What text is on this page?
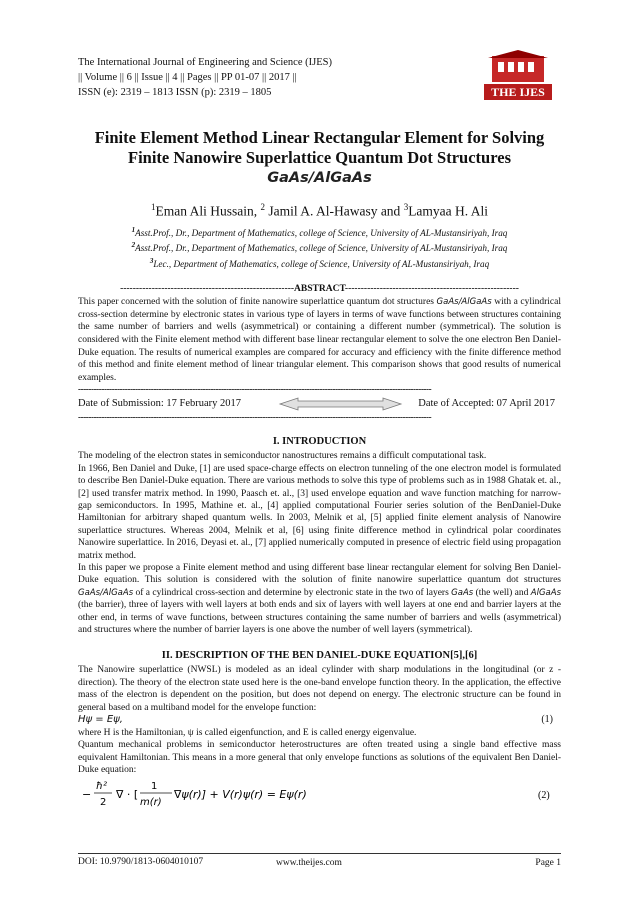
THE IJES
The International Journal of Engineering and Science (IJES)
|| Volume || 6 || Issue || 4 || Pages || PP 01-07 || 2017 ||
ISSN (e): 2319 – 1813 ISSN (p): 2319 – 1805
Finite Element Method Linear Rectangular Element for Solving
Finite Nanowire Superlattice Quantum Dot Structures
GaAs/AlGaAs
$^1$Eman Ali Hussain, $^2$ Jamil A. Al-Hawasy and $^3$Lamyaa H. Ali
$^1$Asst.Prof., Dr., Department of Mathematics, college of Science, University of AL-Mustansiriyah, Iraq
$^2$Asst.Prof., Dr., Department of Mathematics, college of Science, University of AL-Mustansiriyah, Iraq
$^3$Lec., Department of Mathematics, college of Science, University of AL-Mustansiriyah, Iraq
-------------------------------------------------------ABSTRACT-------------------------------------------------------
This paper concerned with the solution of finite nanowire superlattice quantum dot structures GaAs/AlGaAs with a cylindrical cross-section determine by electronic states in various type of layers in terms of wave functions between structures containing the same number of barriers and wells (asymmetrical) or containing a different number (symmetrical). The solution is considered with the Finite element method with different base linear rectangular element to solve the one electron Ben Daniel-Duke equation. The results of numerical examples are compared for accuracy and efficiency with the finite difference method of this method and finite element method of linear triangular element. This comparison shows that good results of numerical examples.
----------------------------------------------------------------------------------------------------------------------------------------
Date of Submission: 17 February 2017	Date of Accepted: 07 April 2017
----------------------------------------------------------------------------------------------------------------------------------------
I. INTRODUCTION
The modeling of the electron states in semiconductor nanostructures remains a difficult computational task.
In 1966, Ben Daniel and Duke, [1] are used space-charge effects on electron tunneling of the one electron model is formulated to describe Ben Daniel-Duke equation. There are various methods to solve this type of problems such as in 1988 Ghatak et. al., [2] used transfer matrix method. In 1990, Paasch et. al., [3] used envelope equation and wave function matching for narrow-gap semiconductors. In 1995, Mathine et. al., [4] applied computational Fourier series solution of the BenDaniel-Duke Hamiltonian for arbitrary shaped quantum wells. In 2003, Melnik et al, [5] applied finite element analysis of Nanowire superlattice structures. Whereas 2004, Melnik et al, [6] using finite difference method in cylindrical polar coordinates Nanowire superlattice. In 2016, Deyasi et. al., [7] applied numerically computed in presence of electric field using propagation matrix method.
In this paper we propose a Finite element method and using different base linear rectangular element for solving Ben Daniel-Duke equation. This solution is considered with the solution of finite nanowire superlattice quantum dot structures GaAs/AlGaAs of a cylindrical cross-section and determine by electronic state in the two of layers GaAs (the well) and AlGaAs (the barrier), three of layers with well layers at both ends and six of layers with well layers at one end and barrier layers at the other end, in terms of wave functions, between structures containing the same number of barriers and wells (asymmetrical) and structures where the number of barrier layers is one above the number of well layers (symmetrical).
II. DESCRIPTION OF THE BEN DANIEL-DUKE EQUATION[5],[6]
The Nanowire superlattice (NWSL) is modeled as an ideal cylinder with sharp modulations in the longitudinal (or z -direction). The theory of the electron state used here is the one-band envelope function theory. In the application, the effective mass of the electron is dependent on the position, but does not depend on energy. The electronic structure can be found in general based on a multiband model for the envelope function:
Hψ = Eψ,	(1)
where H is the Hamiltonian, ψ is called eigenfunction, and E is called energy eigenvalue.
Quantum mechanical problems in semiconductor heterostructures are often treated using a single band effective mass equivalent Hamiltonian. This means in a more general that only envelope functions as solutions of the equivalent Ben Daniel-Duke equation:
−
ħ²
2
∇ · [
1
m(r)
∇ψ(r)] + V(r)ψ(r) = Eψ(r)	(2)
DOI: 10.9790/1813-0604010107	www.theijes.com	Page 1
